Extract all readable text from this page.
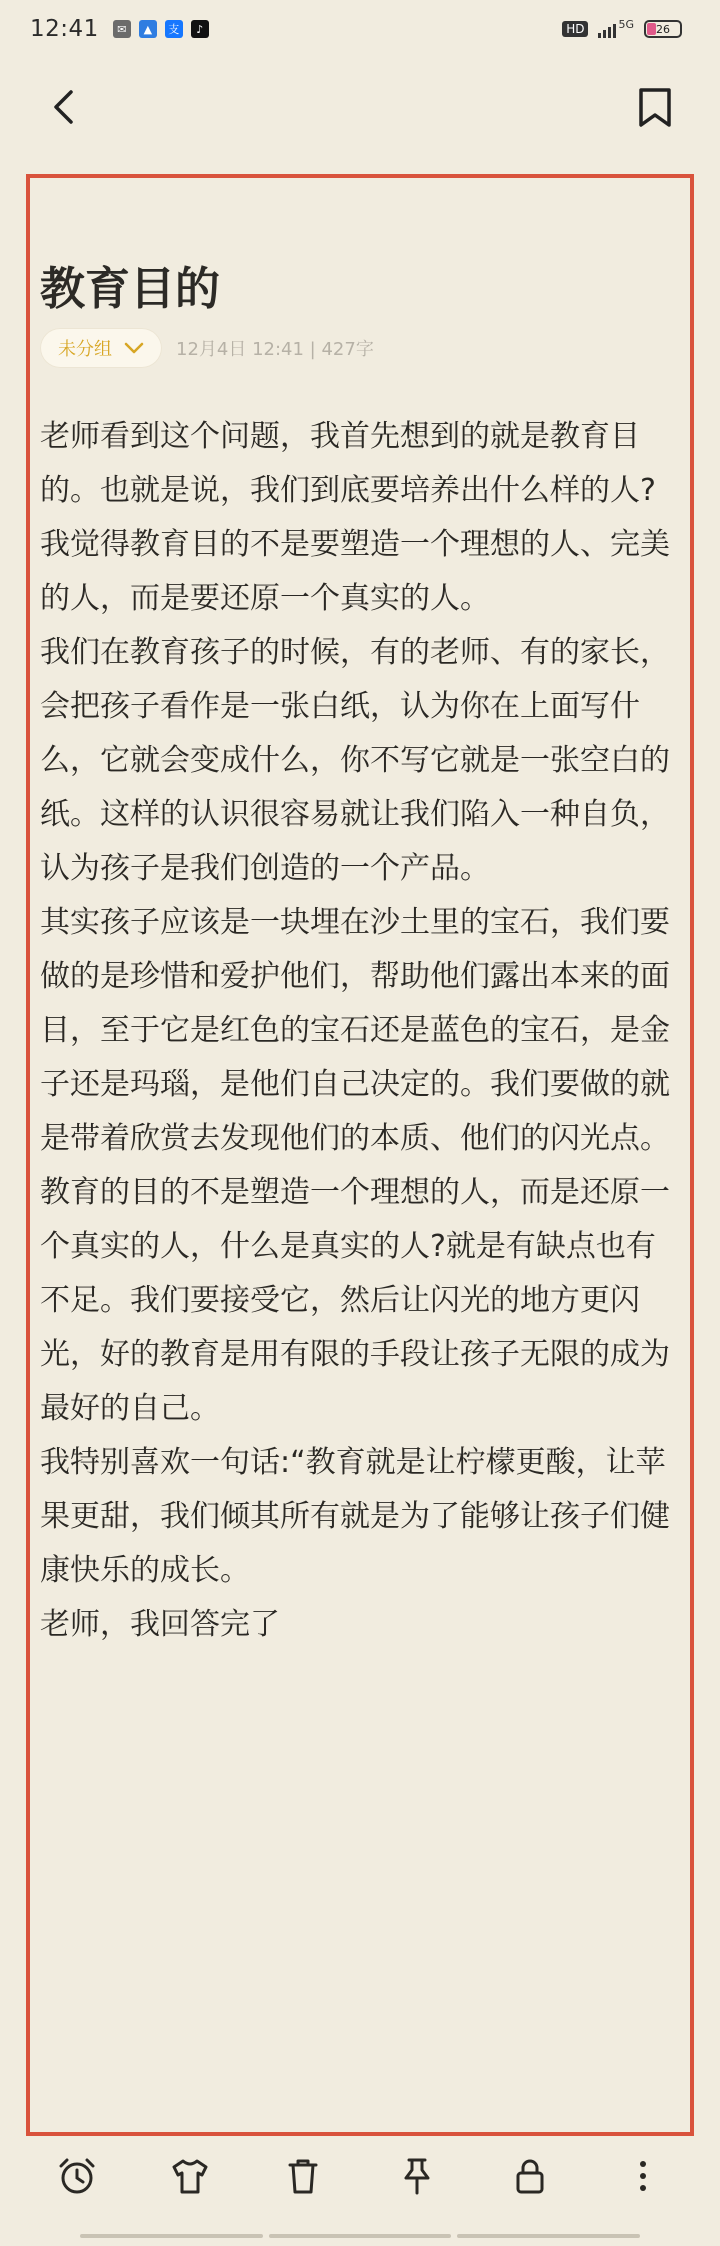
12:41	✉	▲	支	♪	HD	5G 26
教育目的
未分组	12月4日 12:41 | 427字

老师看到这个问题，我首先想到的就是教育目的。也就是说，我们到底要培养出什么样的人?

我觉得教育目的不是要塑造一个理想的人、完美的人，而是要还原一个真实的人。

我们在教育孩子的时候，有的老师、有的家长，会把孩子看作是一张白纸，认为你在上面写什么，它就会变成什么，你不写它就是一张空白的纸。这样的认识很容易就让我们陷入一种自负，认为孩子是我们创造的一个产品。

其实孩子应该是一块埋在沙土里的宝石，我们要做的是珍惜和爱护他们，帮助他们露出本来的面目，至于它是红色的宝石还是蓝色的宝石，是金子还是玛瑙，是他们自己决定的。我们要做的就是带着欣赏去发现他们的本质、他们的闪光点。

教育的目的不是塑造一个理想的人，而是还原一个真实的人，什么是真实的人?就是有缺点也有不足。我们要接受它，然后让闪光的地方更闪光，好的教育是用有限的手段让孩子无限的成为最好的自己。

我特别喜欢一句话:“教育就是让柠檬更酸，让苹果更甜，我们倾其所有就是为了能够让孩子们健康快乐的成长。

老师，我回答完了
